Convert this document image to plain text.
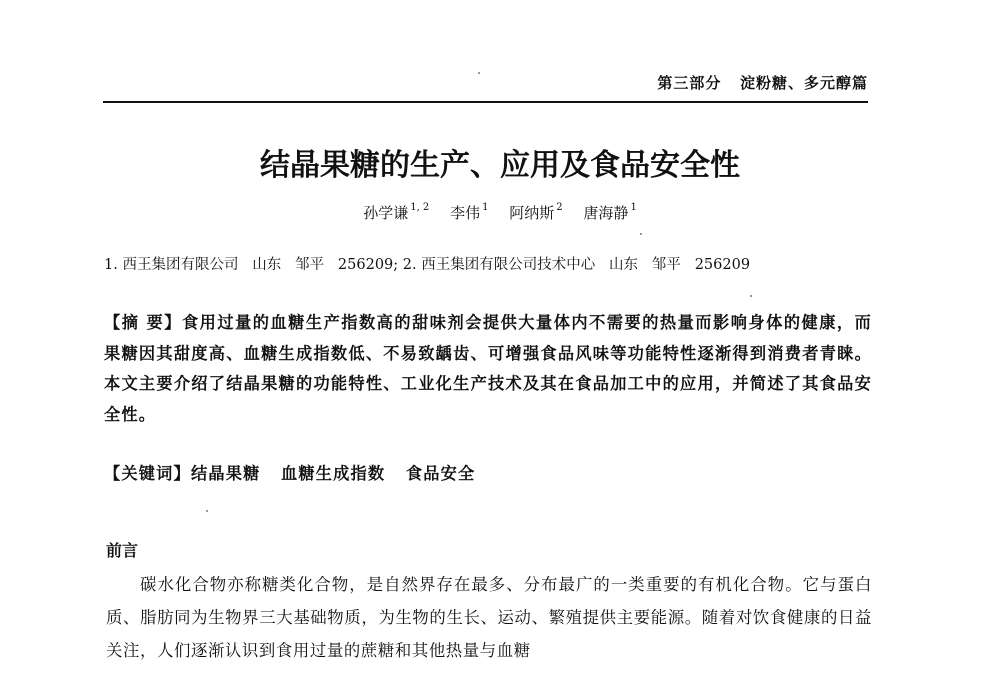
第三部分   淀粉糖、多元醇篇
结晶果糖的生产、应用及食品安全性
孙学谦 $^{1, 2}$ 李伟 $^1$ 阿纳斯 $^2$ 唐海静 $^1$
1. 西王集团有限公司   山东   邹平   256209; 2. 西王集团有限公司技术中心   山东   邹平   256209
【摘 要】食用过量的血糖生产指数高的甜味剂会提供大量体内不需要的热量而影响身体的健康，而果糖因其甜度高、血糖生成指数低、不易致龋齿、可增强食品风味等功能特性逐渐得到消费者青睐。本文主要介绍了结晶果糖的功能特性、工业化生产技术及其在食品加工中的应用，并简述了其食品安全性。
【关键词】结晶果糖   血糖生成指数   食品安全
前言

碳水化合物亦称糖类化合物，是自然界存在最多、分布最广的一类重要的有机化合物。它与蛋白质、脂肪同为生物界三大基础物质，为生物的生长、运动、繁殖提供主要能源。随着对饮食健康的日益关注，人们逐渐认识到食用过量的蔗糖和其他热量与血糖
